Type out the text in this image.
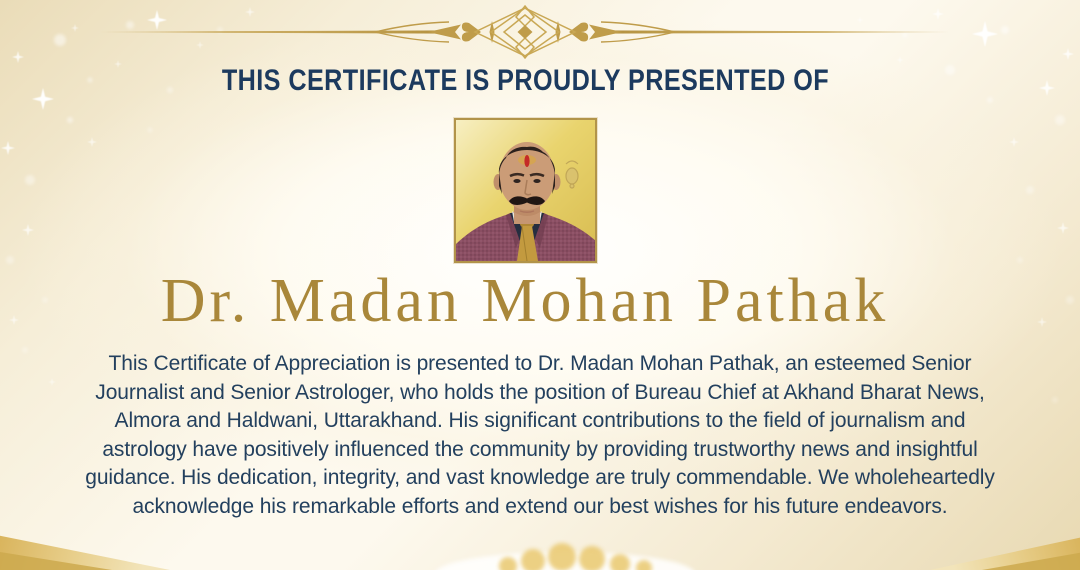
THIS CERTIFICATE IS PROUDLY PRESENTED OF
Dr. Madan Mohan Pathak
This Certificate of Appreciation is presented to Dr. Madan Mohan Pathak, an esteemed Senior
Journalist and Senior Astrologer, who holds the position of Bureau Chief at Akhand Bharat News,
Almora and Haldwani, Uttarakhand. His significant contributions to the field of journalism and
astrology have positively influenced the community by providing trustworthy news and insightful
guidance. His dedication, integrity, and vast knowledge are truly commendable. We wholeheartedly
acknowledge his remarkable efforts and extend our best wishes for his future endeavors.
